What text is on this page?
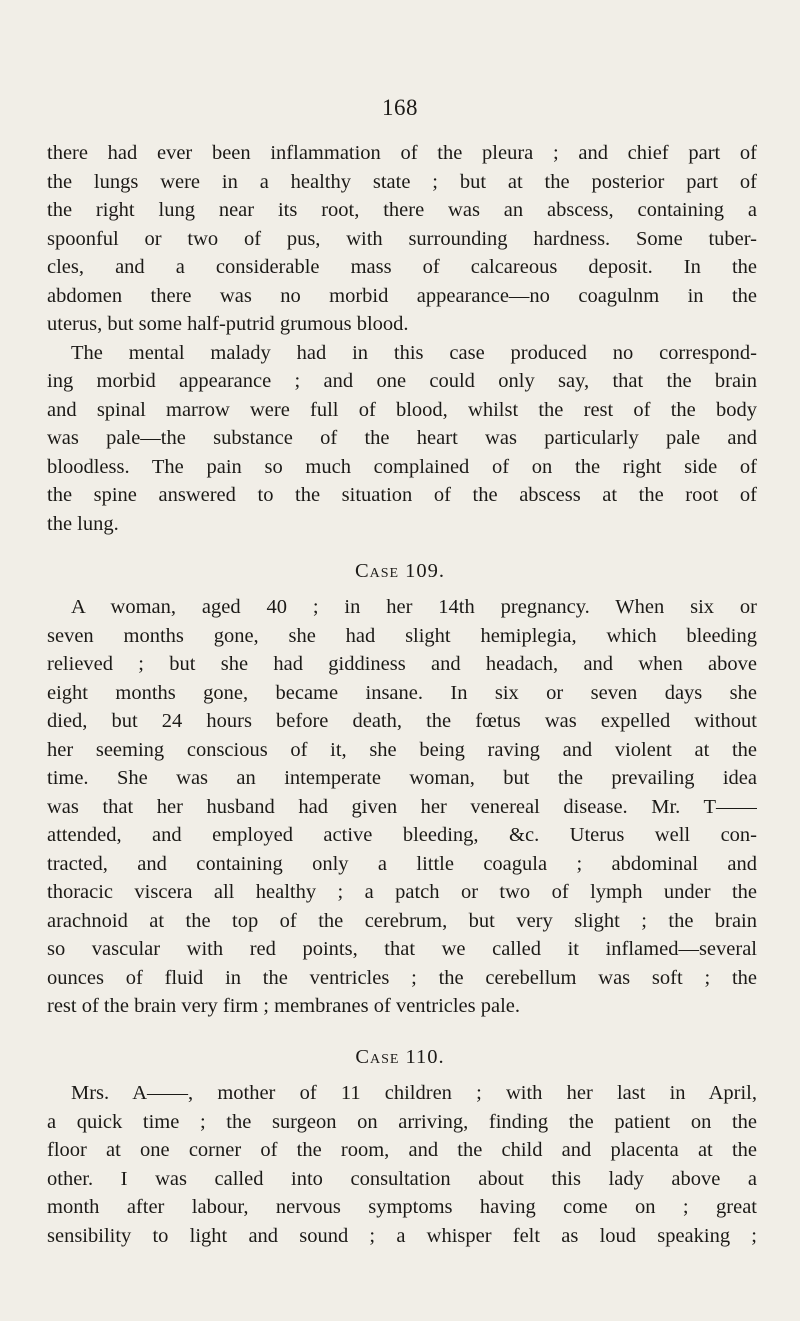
168
there had ever been inflammation of the pleura ; and chief part of
the lungs were in a healthy state ; but at the posterior part of
the right lung near its root, there was an abscess, containing a
spoonful or two of pus, with surrounding hardness. Some tuber-
cles, and a considerable mass of calcareous deposit. In the
abdomen there was no morbid appearance—no coagulnm in the
uterus, but some half-putrid grumous blood.
The mental malady had in this case produced no correspond-
ing morbid appearance ; and one could only say, that the brain
and spinal marrow were full of blood, whilst the rest of the body
was pale—the substance of the heart was particularly pale and
bloodless. The pain so much complained of on the right side of
the spine answered to the situation of the abscess at the root of
the lung.
Case 109.
A woman, aged 40 ; in her 14th pregnancy. When six or
seven months gone, she had slight hemiplegia, which bleeding
relieved ; but she had giddiness and headach, and when above
eight months gone, became insane. In six or seven days she
died, but 24 hours before death, the fœtus was expelled without
her seeming conscious of it, she being raving and violent at the
time. She was an intemperate woman, but the prevailing idea
was that her husband had given her venereal disease. Mr. T——
attended, and employed active bleeding, &c. Uterus well con-
tracted, and containing only a little coagula ; abdominal and
thoracic viscera all healthy ; a patch or two of lymph under the
arachnoid at the top of the cerebrum, but very slight ; the brain
so vascular with red points, that we called it inflamed—several
ounces of fluid in the ventricles ; the cerebellum was soft ; the
rest of the brain very firm ; membranes of ventricles pale.
Case 110.
Mrs. A——, mother of 11 children ; with her last in April,
a quick time ; the surgeon on arriving, finding the patient on the
floor at one corner of the room, and the child and placenta at the
other. I was called into consultation about this lady above a
month after labour, nervous symptoms having come on ; great
sensibility to light and sound ; a whisper felt as loud speaking ;
